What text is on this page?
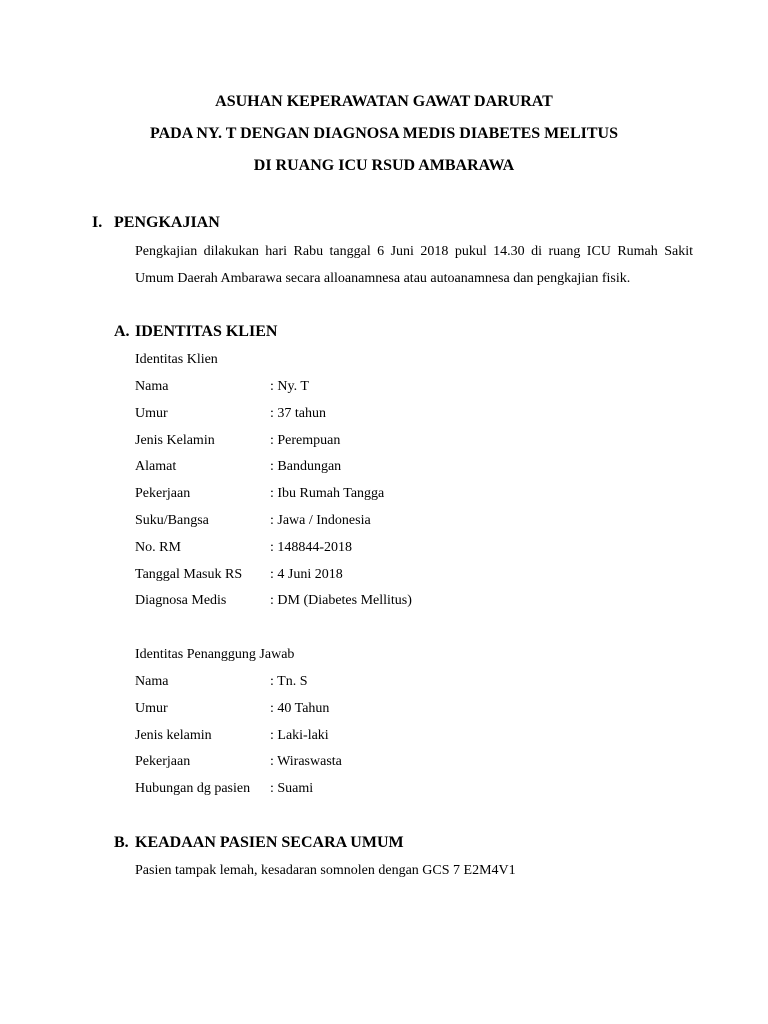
ASUHAN KEPERAWATAN GAWAT DARURAT
PADA NY. T DENGAN DIAGNOSA MEDIS DIABETES MELITUS
DI RUANG ICU RSUD AMBARAWA
I. PENGKAJIAN
Pengkajian dilakukan hari Rabu tanggal 6 Juni 2018 pukul 14.30 di ruang ICU Rumah Sakit
Umum Daerah Ambarawa secara alloanamnesa atau autoanamnesa dan pengkajian fisik.
A. IDENTITAS KLIEN
Identitas Klien
Nama	: Ny. T
Umur	: 37 tahun
Jenis Kelamin	: Perempuan
Alamat	: Bandungan
Pekerjaan	: Ibu Rumah Tangga
Suku/Bangsa	: Jawa / Indonesia
No. RM	: 148844-2018
Tanggal Masuk RS : 4 Juni 2018
Diagnosa Medis	: DM (Diabetes Mellitus)
Identitas Penanggung Jawab
Nama	: Tn. S
Umur	: 40 Tahun
Jenis kelamin	: Laki-laki
Pekerjaan	: Wiraswasta
Hubungan dg pasien : Suami
B. KEADAAN PASIEN SECARA UMUM
Pasien tampak lemah, kesadaran somnolen dengan GCS 7 E2M4V1
